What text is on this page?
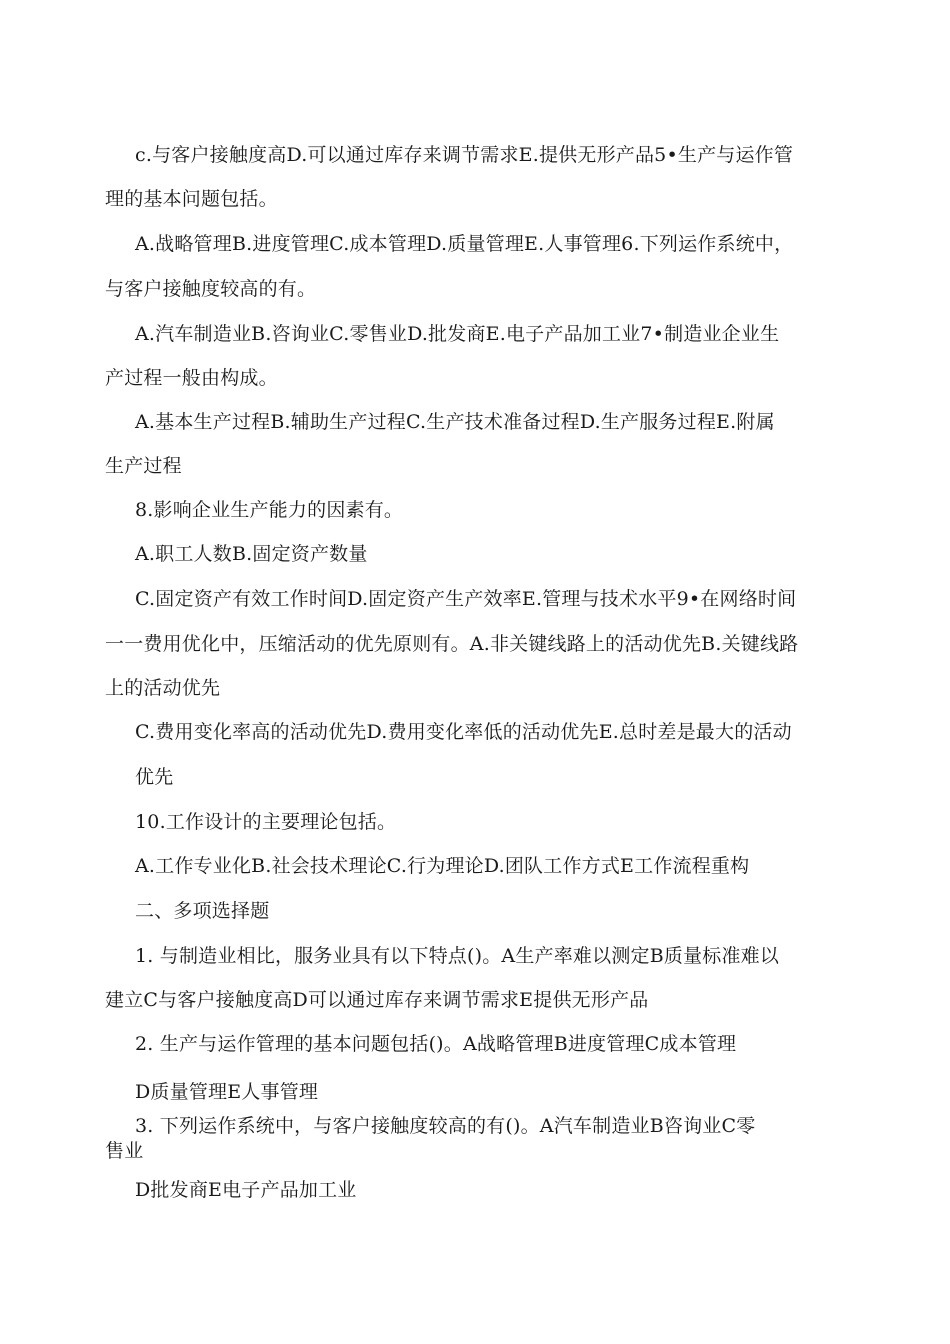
c.与客户接触度高D.可以通过库存来调节需求E.提供无形产品5•生产与运作管
理的基本问题包括。
A.战略管理B.进度管理C.成本管理D.质量管理E.人事管理6.下列运作系统中，
与客户接触度较高的有。
A.汽车制造业B.咨询业C.零售业D.批发商E.电子产品加工业7•制造业企业生
产过程一般由构成。
A.基本生产过程B.辅助生产过程C.生产技术准备过程D.生产服务过程E.附属
生产过程
8.影响企业生产能力的因素有。
A.职工人数B.固定资产数量
C.固定资产有效工作时间D.固定资产生产效率E.管理与技术水平9•在网络时间
一一费用优化中，压缩活动的优先原则有。A.非关键线路上的活动优先B.关键线路
上的活动优先
C.费用变化率高的活动优先D.费用变化率低的活动优先E.总时差是最大的活动
优先
10.工作设计的主要理论包括。
A.工作专业化B.社会技术理论C.行为理论D.团队工作方式E工作流程重构
二、多项选择题
1. 与制造业相比，服务业具有以下特点()。A生产率难以测定B质量标准难以
建立C与客户接触度高D可以通过库存来调节需求E提供无形产品
2. 生产与运作管理的基本问题包括()。A战略管理B进度管理C成本管理
D质量管理E人事管理
3. 下列运作系统中，与客户接触度较高的有()。A汽车制造业B咨询业C零
售业
D批发商E电子产品加工业
